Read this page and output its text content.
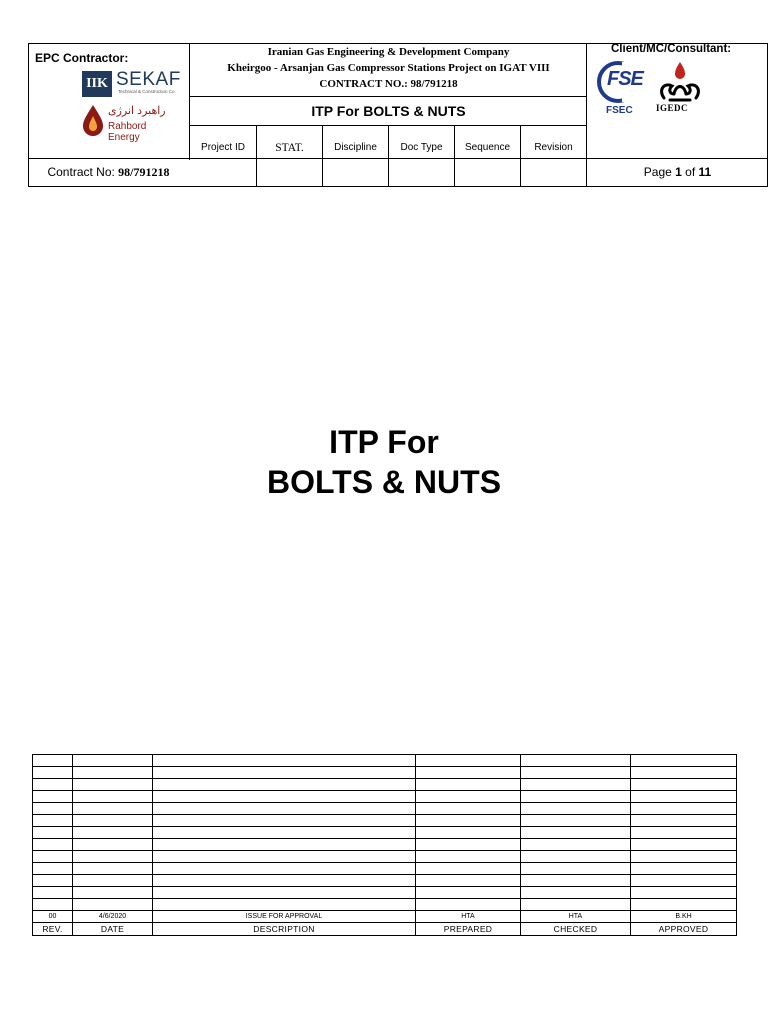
EPC Contractor:
Client/MC/Consultant:
IIK SEKAF
Technical & Construction Co.
راهبرد انرژی
Rahbord Energy
Iranian Gas Engineering & Development Company
Kheirgoo - Arsanjan Gas Compressor Stations Project on IGAT VIII
CONTRACT NO.: 98/791218
ITP For BOLTS & NUTS
Project ID	STAT.	Discipline	Doc Type	Sequence	Revision
Contract No: 98/791218	Page 1 of 11
FSE
FSEC	IGEDC
ITP For
BOLTS & NUTS

00	4/6/2020	ISSUE FOR APPROVAL	HTA	HTA	B.KH
REV.	DATE	DESCRIPTION	PREPARED	CHECKED	APPROVED
